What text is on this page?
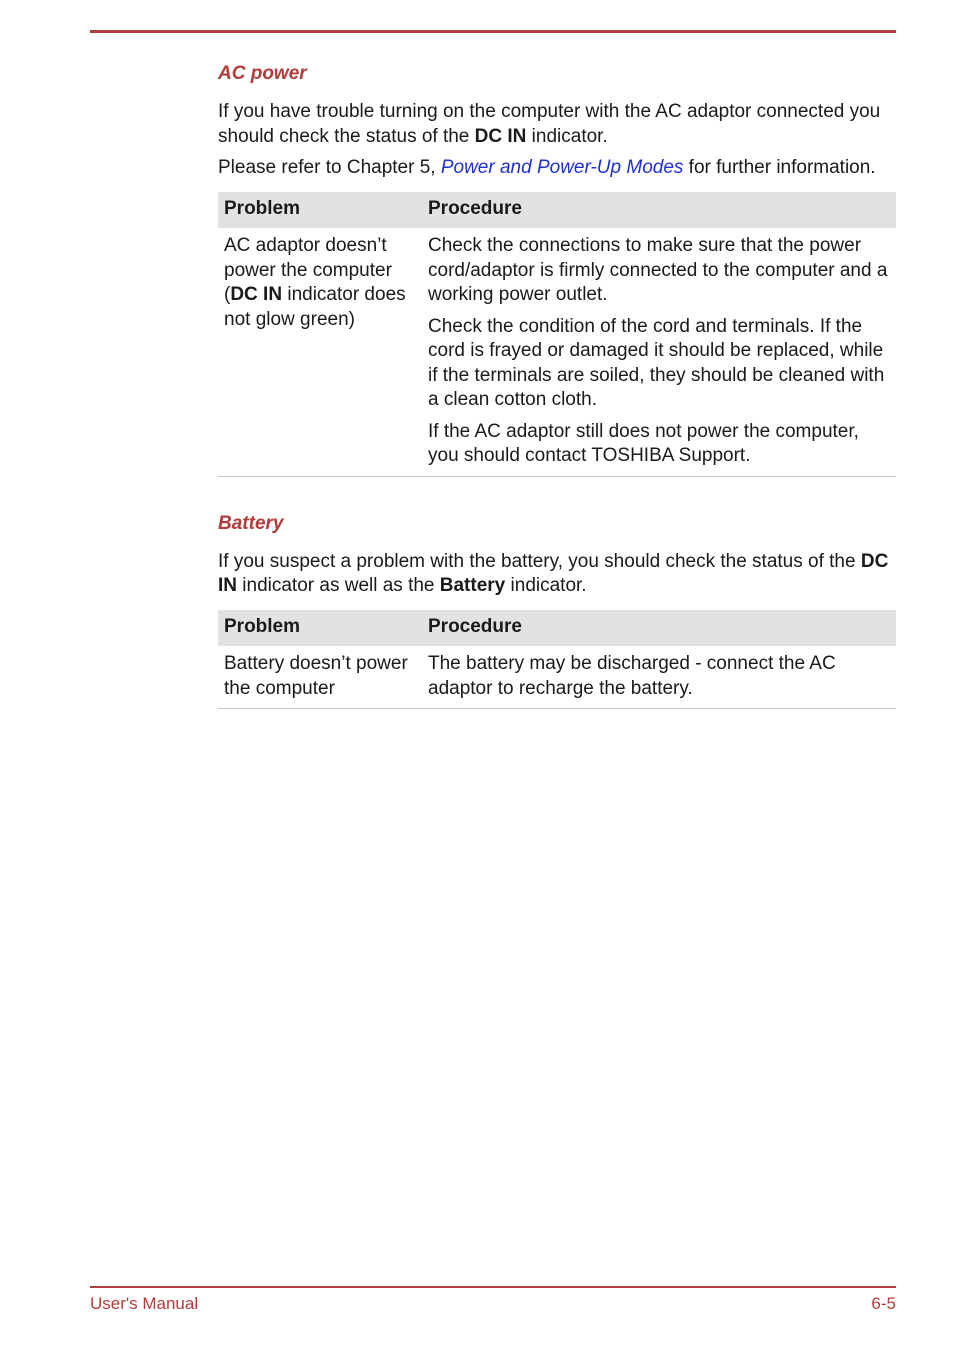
AC power

If you have trouble turning on the computer with the AC adaptor connected you should check the status of the DC IN indicator.

Please refer to Chapter 5, Power and Power-Up Modes for further information.

Problem	Procedure
AC adaptor doesn’t power the computer (DC IN indicator does not glow green)	Check the connections to make sure that the power cord/adaptor is firmly connected to the computer and a working power outlet.

Check the condition of the cord and terminals. If the cord is frayed or damaged it should be replaced, while if the terminals are soiled, they should be cleaned with a clean cotton cloth.

If the AC adaptor still does not power the computer, you should contact TOSHIBA Support.

Battery

If you suspect a problem with the battery, you should check the status of the DC IN indicator as well as the Battery indicator.

Problem	Procedure
Battery doesn’t power the computer	The battery may be discharged - connect the AC adaptor to recharge the battery.
User's Manual	6-5
